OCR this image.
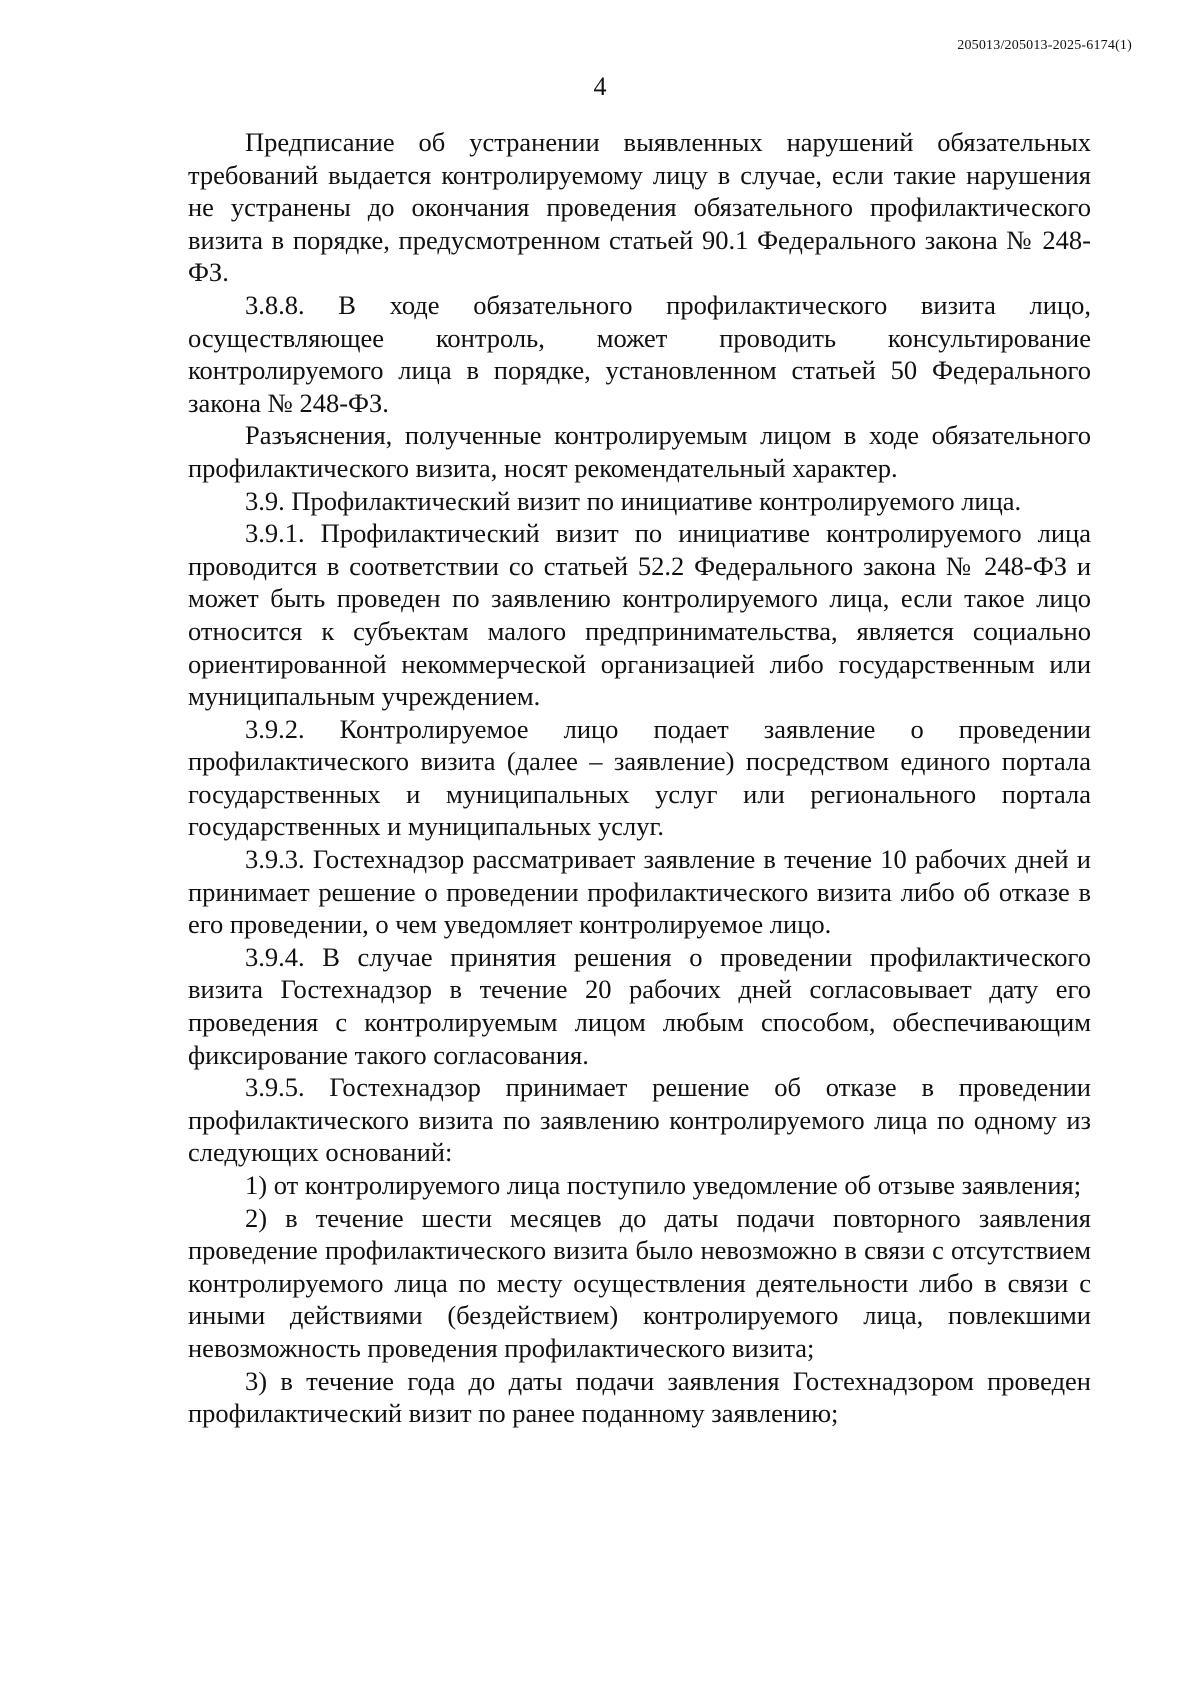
205013/205013-2025-6174(1)
4

Предписание об устранении выявленных нарушений обязательных требований выдается контролируемому лицу в случае, если такие нарушения не устранены до окончания проведения обязательного профилактического визита в порядке, предусмотренном статьей 90.1 Федерального закона № 248-ФЗ.

3.8.8. В ходе обязательного профилактического визита лицо, осуществляющее контроль, может проводить консультирование контролируемого лица в порядке, установленном статьей 50 Федерального закона № 248-ФЗ.

Разъяснения, полученные контролируемым лицом в ходе обязательного профилактического визита, носят рекомендательный характер.

3.9. Профилактический визит по инициативе контролируемого лица.

3.9.1. Профилактический визит по инициативе контролируемого лица проводится в соответствии со статьей 52.2 Федерального закона № 248-ФЗ и может быть проведен по заявлению контролируемого лица, если такое лицо относится к субъектам малого предпринимательства, является социально ориентированной некоммерческой организацией либо государственным или муниципальным учреждением.

3.9.2. Контролируемое лицо подает заявление о проведении профилактического визита (далее – заявление) посредством единого портала государственных и муниципальных услуг или регионального портала государственных и муниципальных услуг.

3.9.3. Гостехнадзор рассматривает заявление в течение 10 рабочих дней и принимает решение о проведении профилактического визита либо об отказе в его проведении, о чем уведомляет контролируемое лицо.

3.9.4. В случае принятия решения о проведении профилактического визита Гостехнадзор в течение 20 рабочих дней согласовывает дату его проведения с контролируемым лицом любым способом, обеспечивающим фиксирование такого согласования.

3.9.5. Гостехнадзор принимает решение об отказе в проведении профилактического визита по заявлению контролируемого лица по одному из следующих оснований:

1) от контролируемого лица поступило уведомление об отзыве заявления;

2) в течение шести месяцев до даты подачи повторного заявления проведение профилактического визита было невозможно в связи с отсутствием контролируемого лица по месту осуществления деятельности либо в связи с иными действиями (бездействием) контролируемого лица, повлекшими невозможность проведения профилактического визита;

3) в течение года до даты подачи заявления Гостехнадзором проведен профилактический визит по ранее поданному заявлению;
